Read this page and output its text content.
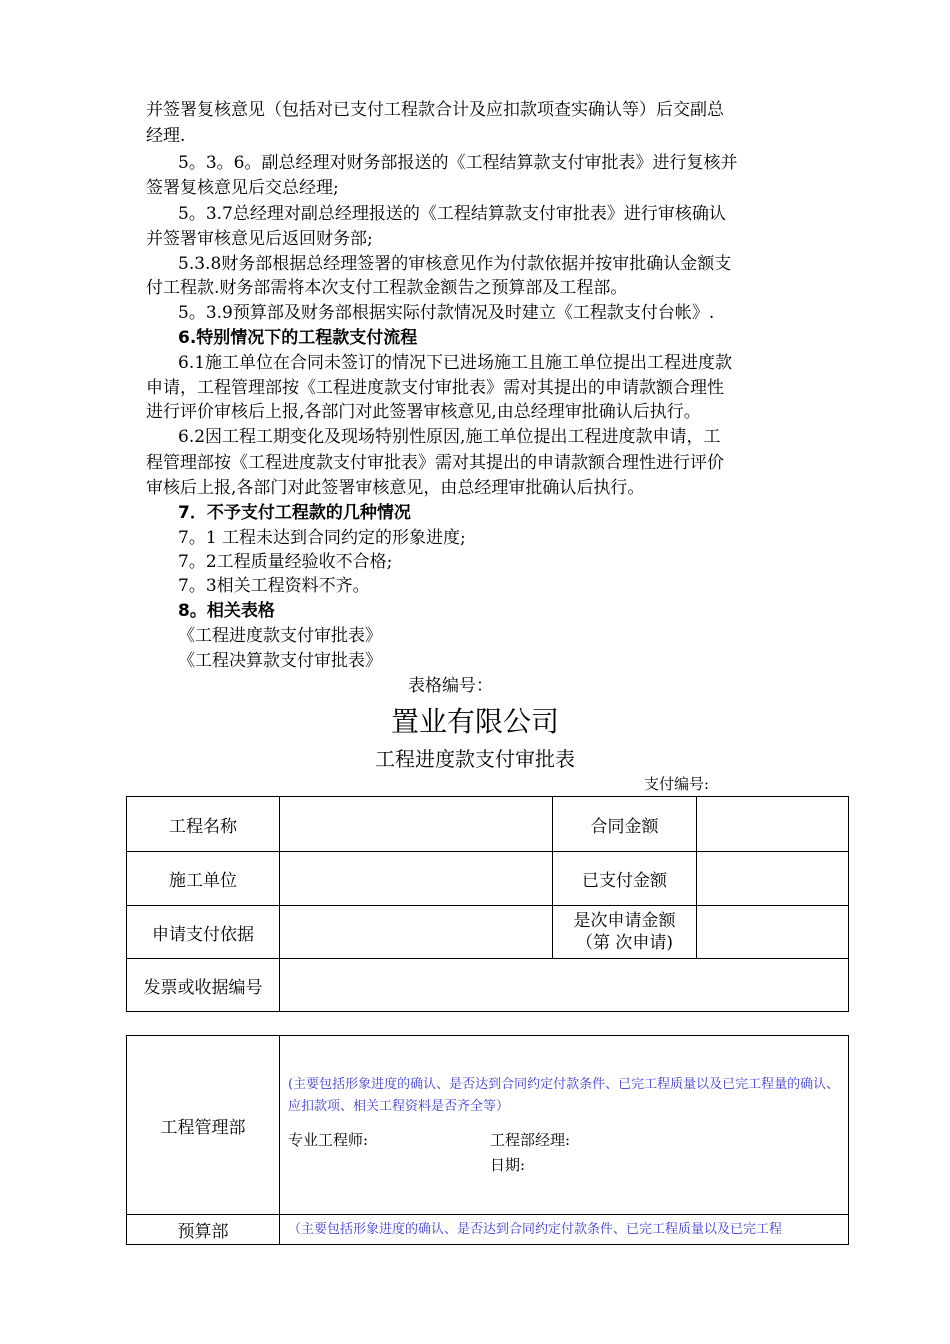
并签署复核意见（包括对已支付工程款合计及应扣款项查实确认等）后交副总
经理.
5。3。6。副总经理对财务部报送的《工程结算款支付审批表》进行复核并
签署复核意见后交总经理;
5。3.7总经理对副总经理报送的《工程结算款支付审批表》进行审核确认
并签署审核意见后返回财务部;
5.3.8财务部根据总经理签署的审核意见作为付款依据并按审批确认金额支
付工程款.财务部需将本次支付工程款金额告之预算部及工程部。
5。3.9预算部及财务部根据实际付款情况及时建立《工程款支付台帐》.
6.特别情况下的工程款支付流程
6.1施工单位在合同未签订的情况下已进场施工且施工单位提出工程进度款
申请，工程管理部按《工程进度款支付审批表》需对其提出的申请款额合理性
进行评价审核后上报,各部门对此签署审核意见,由总经理审批确认后执行。
6.2因工程工期变化及现场特别性原因,施工单位提出工程进度款申请，工
程管理部按《工程进度款支付审批表》需对其提出的申请款额合理性进行评价
审核后上报,各部门对此签署审核意见，由总经理审批确认后执行。
7．不予支付工程款的几种情况
7。1 工程未达到合同约定的形象进度;
7。2工程质量经验收不合格;
7。3相关工程资料不齐。
8。相关表格
《工程进度款支付审批表》
《工程决算款支付审批表》
表格编号：
置业有限公司
工程进度款支付审批表
支付编号:
工程名称		合同金额	
施工单位		已支付金额	
申请支付依据		是次申请金额
（第 次申请)	

发票或收据编号			
工程管理部	(主要包括形象进度的确认、是否达到合同约定付款条件、已完工程质量以及已完工程量的确认、应扣款项、相关工程资料是否齐全等）
专业工程师: 工程部经理:
日期:

预算部	（主要包括形象进度的确认、是否达到合同约定付款条件、已完工程质量以及已完工程
